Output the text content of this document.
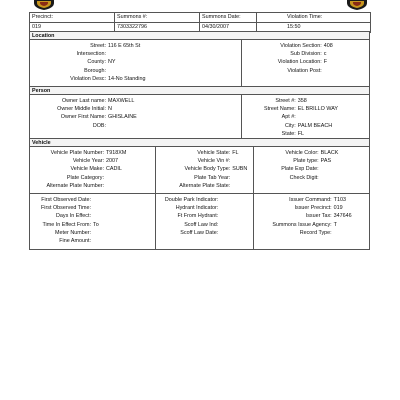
Precinct:	Summons #:	Summons Date:	Violation Time:
019	7303322796	04/30/2007	15:50
Location
Street: 116 E 65th St
Intersection:
County: NY
Borough:
Violation Desc: 14-No Standing
Violation Section: 408
Sub Division: c
Violation Location: F
Violation Post:
Person
Owner Last name: MAXWELL
Owner Middle Initial: N
Owner First Name: GHISLAINE
DOB:
Street #: 358
Street Name: EL BRILLO WAY
Apt #:
City: PALM BEACH
State: FL
Vehicle
Vehicle Plate Number: T918XM
Vehicle Year: 2007
Vehicle Make: CADIL
Plate Category:
Alternate Plate Number:
Vehicle State: FL
Vehicle Vin #:
Vehicle Body Type: SUBN
Plate Tab Year:
Alternate Plate State:
Vehicle Color: BLACK
Plate type: PAS
Plate Exp Date:
Check Digit:
First Observed Date:
First Observed Time:
Days In Effect:
Time In Effect From: To
Meter Number:
Fine Amount:
Double Park Indicator:
Hydrant Indicator:
Ft From Hydrant:
Scoff Law Ind:
Scoff Law Date:
Issuer Command: T103
Issuer Precinct: 019
Issuer Tax: 347646
Summons Issue Agency: T
Record Type:
